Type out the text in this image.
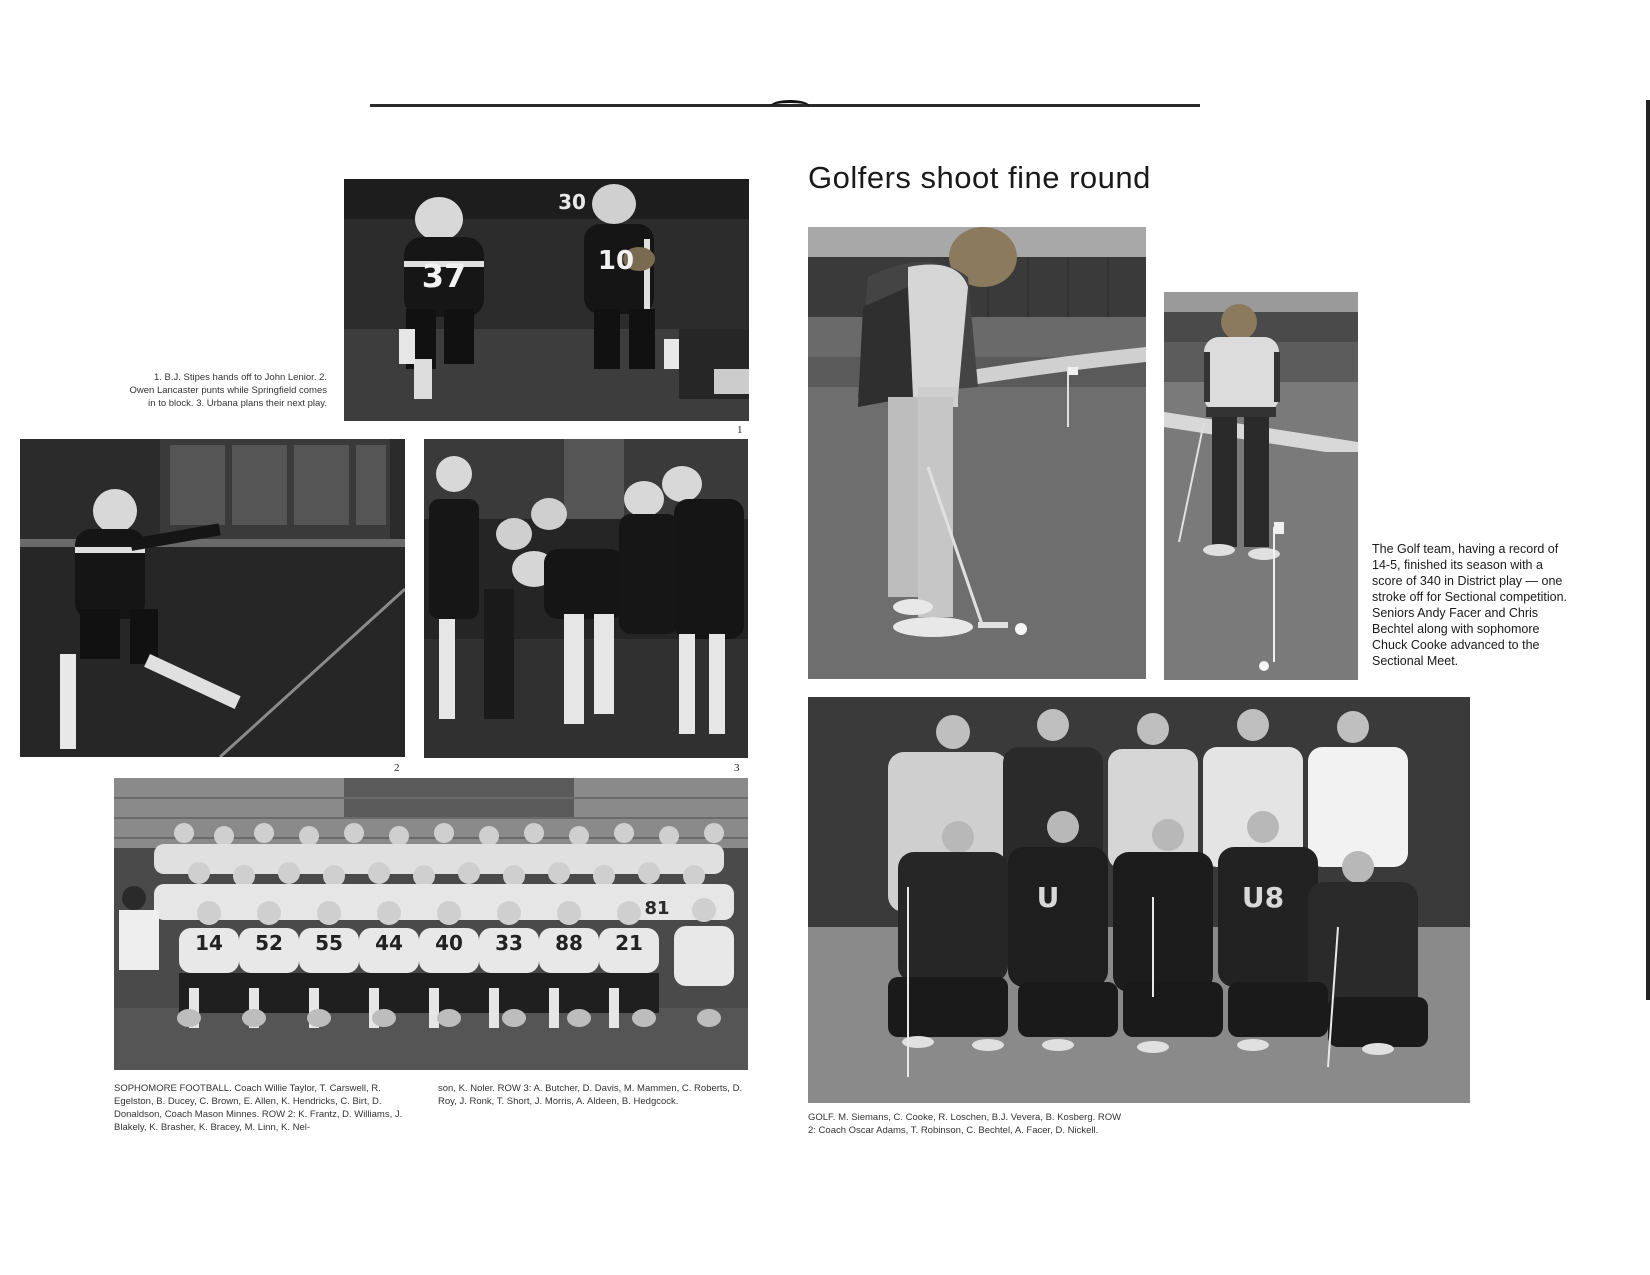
37
30
10
1

1. B.J. Stipes hands off to John Lenior. 2. Owen Lancaster punts while Springfield comes in to block. 3. Urbana plans their next play.

2	3
81
14 52 55 44 40 33 88 21

SOPHOMORE FOOTBALL. Coach Willie Taylor, T. Carswell, R. Egelston, B. Ducey, C. Brown, E. Allen, K. Hendricks, C. Birt, D. Donaldson, Coach Mason Minnes. ROW 2: K. Frantz, D. Williams, J. Blakely, K. Brasher, K. Bracey, M. Linn, K. Nel-

son, K. Noler. ROW 3: A. Butcher, D. Davis, M. Mammen, C. Roberts, D. Roy, J. Ronk, T. Short, J. Morris, A. Aldeen, B. Hedgcock.

Golfers shoot fine round

The Golf team, having a record of 14-5, finished its season with a score of 340 in District play — one stroke off for Sectional competition. Seniors Andy Facer and Chris Bechtel along with sophomore Chuck Cooke advanced to the Sectional Meet.

U	U8

GOLF. M. Siemans, C. Cooke, R. Loschen, B.J. Vevera, B. Kosberg. ROW 2: Coach Oscar Adams, T. Robinson, C. Bechtel, A. Facer, D. Nickell.
